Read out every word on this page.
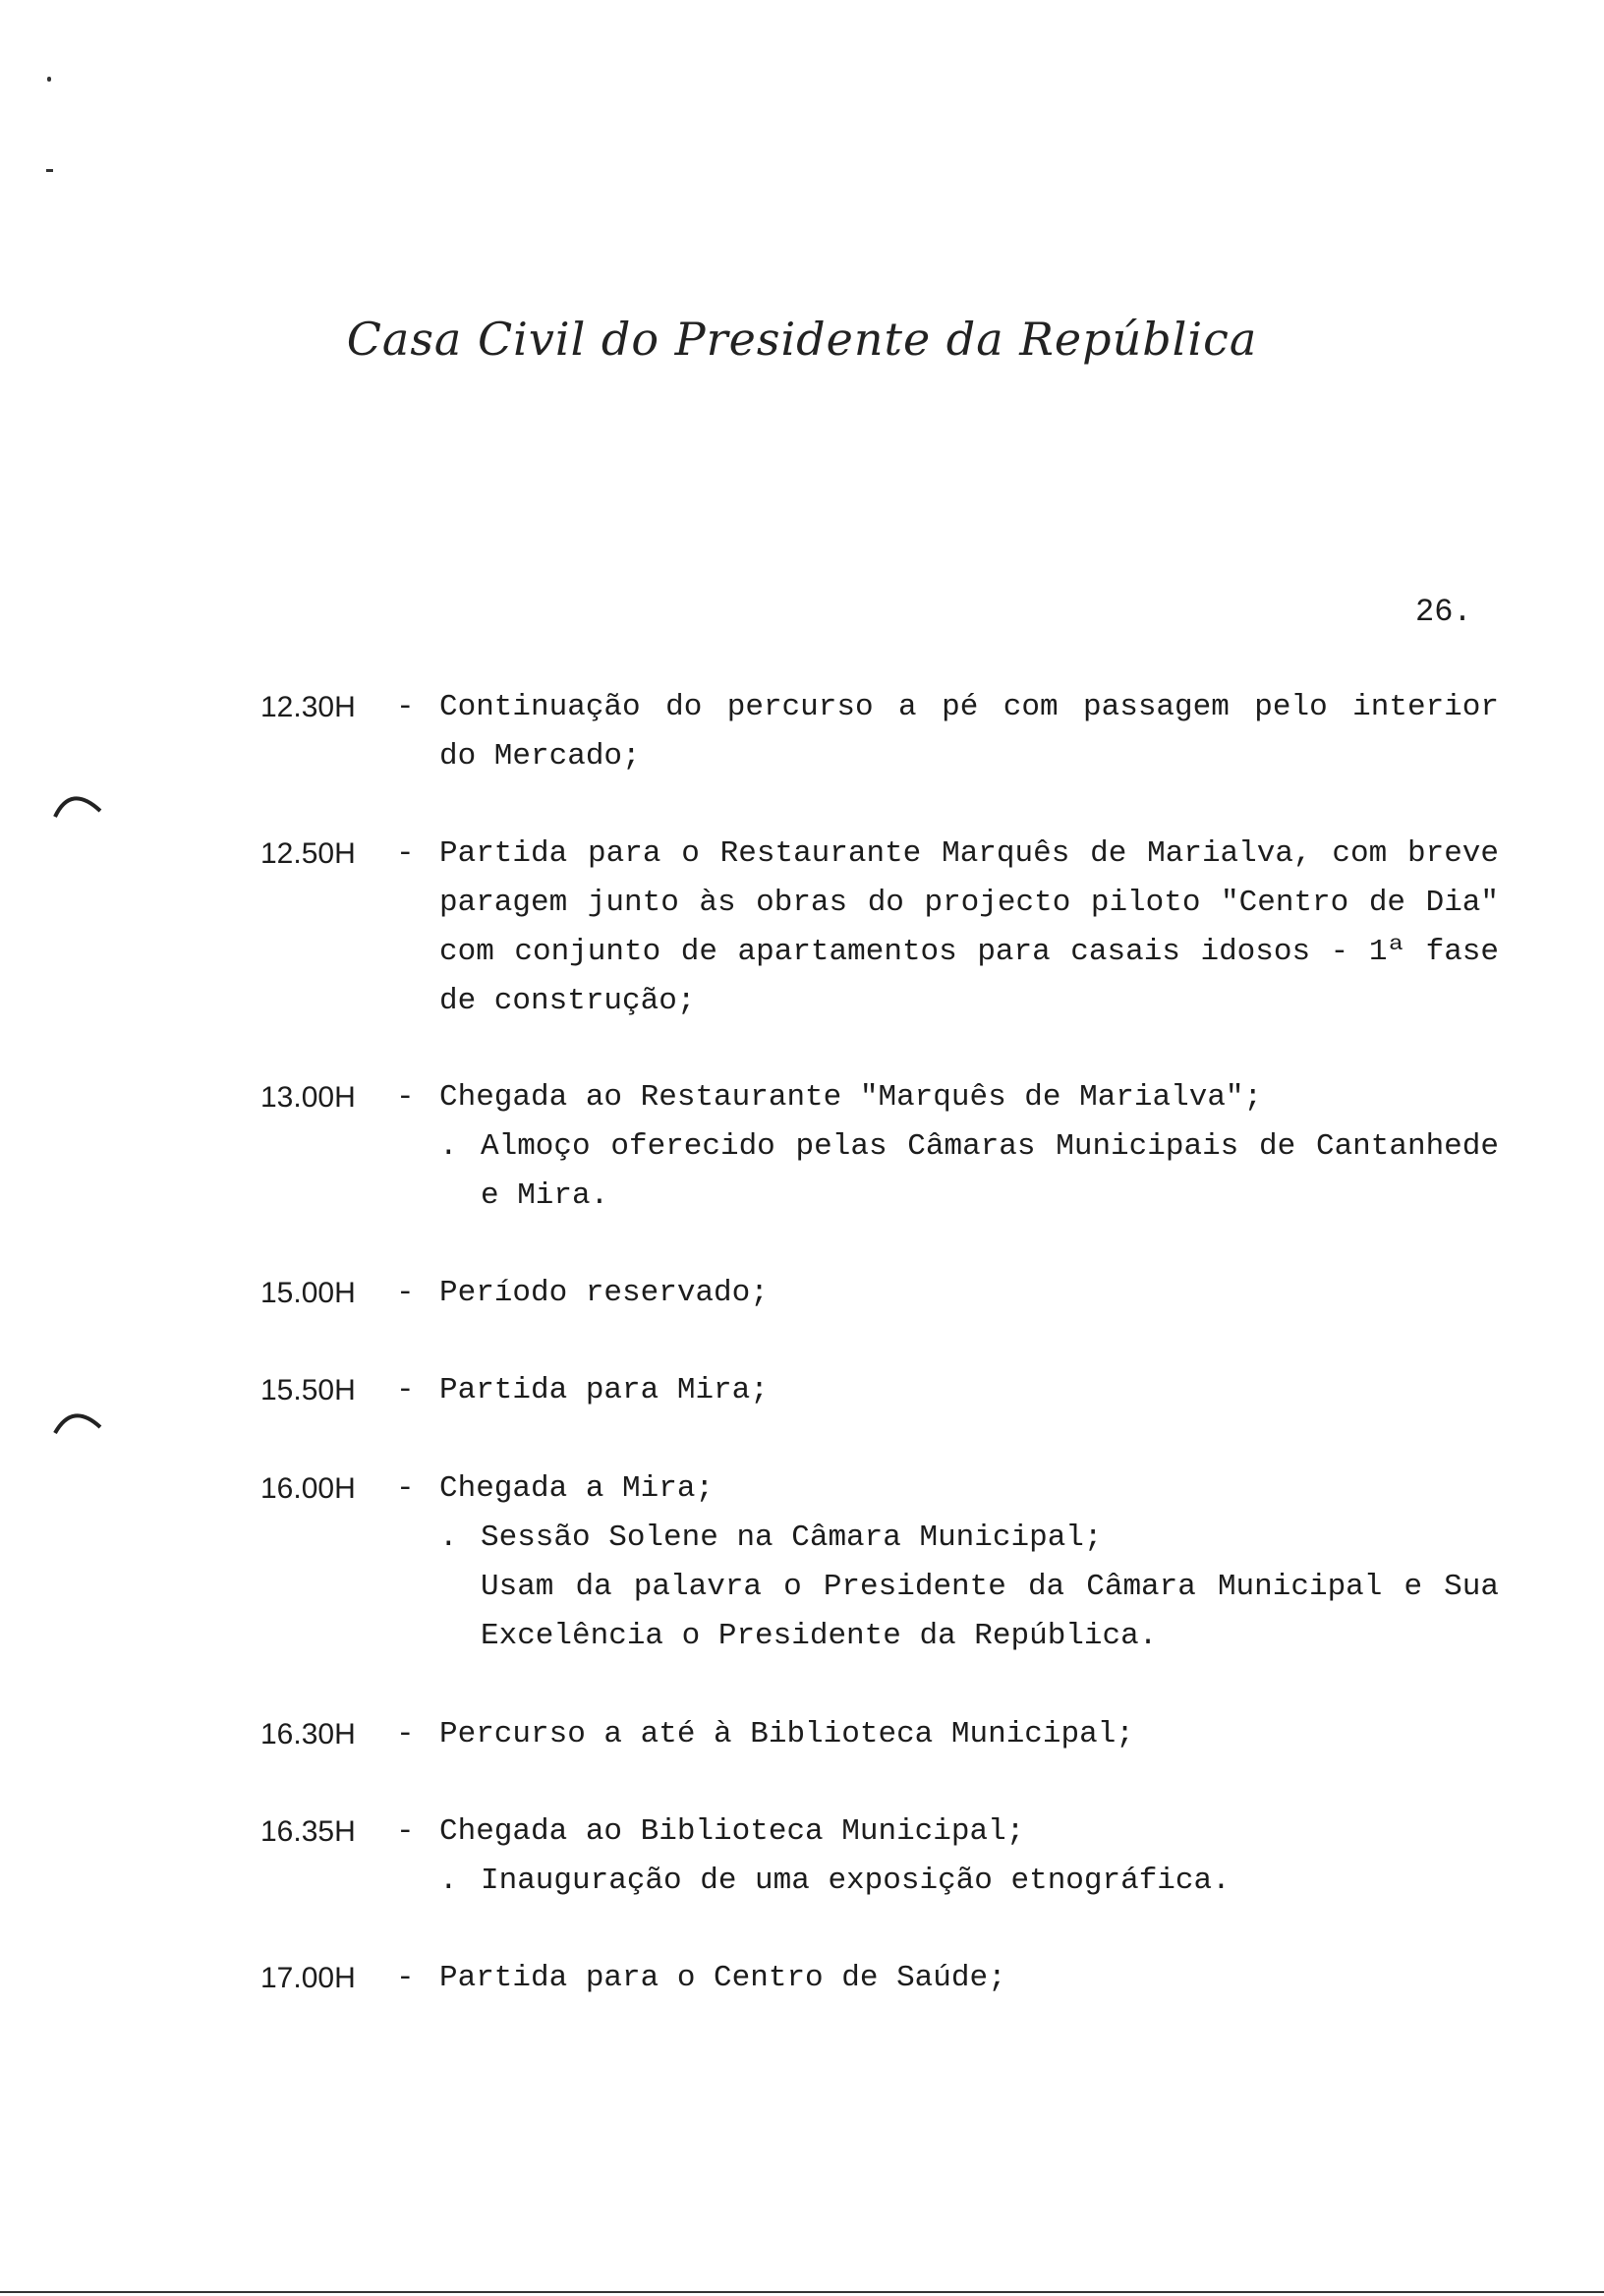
Casa Civil do Presidente da República
26.
12.30H	- Continuação do percurso a pé com passagem pelo interior do Mercado;
12.50H	- Partida para o Restaurante Marquês de Marialva, com breve paragem junto às obras do projecto piloto "Centro de Dia" com conjunto de apartamentos para casais idosos - 1ª fase de construção;
13.00H	- Chegada ao Restaurante "Marquês de Marialva";
. Almoço oferecido pelas Câmaras Municipais de Cantanhede e Mira.
15.00H	- Período reservado;
15.50H	- Partida para Mira;
16.00H	- Chegada a Mira;
. Sessão Solene na Câmara Municipal;
Usam da palavra o Presidente da Câmara Municipal e Sua Excelência o Presidente da República.
16.30H	- Percurso a até à Biblioteca Municipal;
16.35H	- Chegada ao Biblioteca Municipal;
. Inauguração de uma exposição etnográfica.
17.00H	- Partida para o Centro de Saúde;
